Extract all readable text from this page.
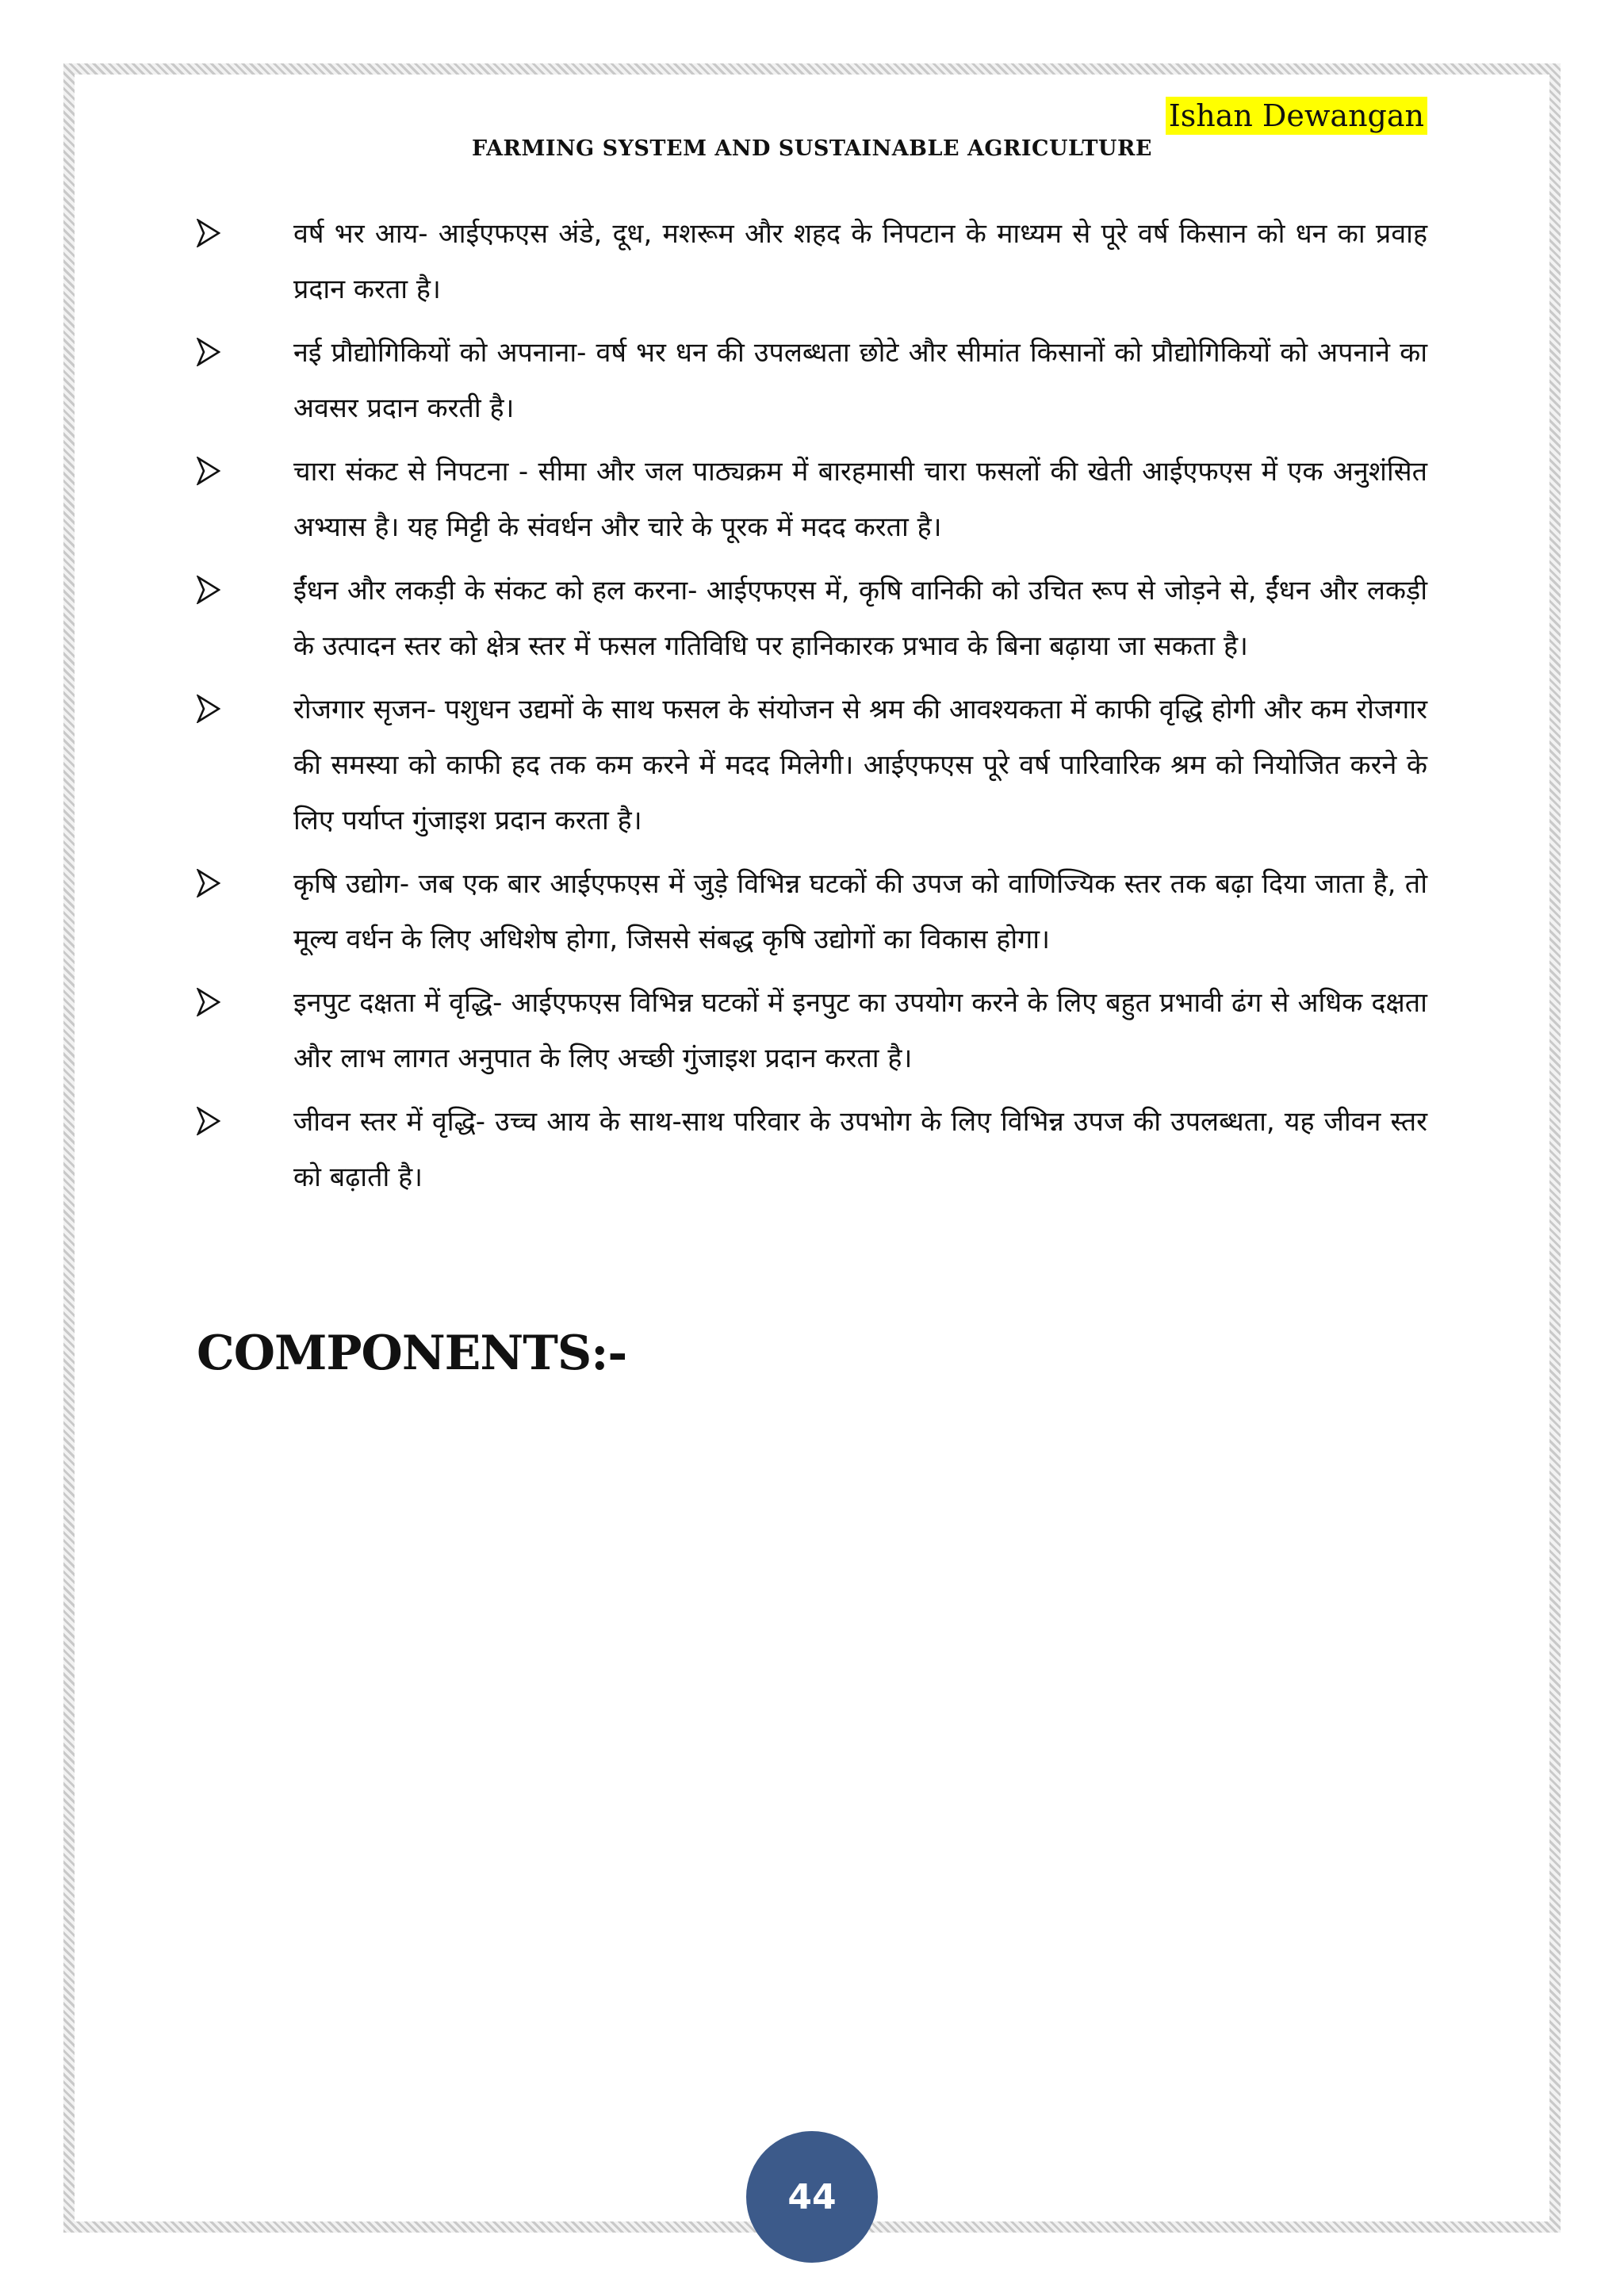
Ishan Dewangan
FARMING SYSTEM AND SUSTAINABLE AGRICULTURE
वर्ष भर आय- आईएफएस अंडे, दूध, मशरूम और शहद के निपटान के माध्यम से पूरे वर्ष किसान को धन का प्रवाह प्रदान करता है।
नई प्रौद्योगिकियों को अपनाना- वर्ष भर धन की उपलब्धता छोटे और सीमांत किसानों को प्रौद्योगिकियों को अपनाने का अवसर प्रदान करती है।
चारा संकट से निपटना - सीमा और जल पाठ्यक्रम में बारहमासी चारा फसलों की खेती आईएफएस में एक अनुशंसित अभ्यास है। यह मिट्टी के संवर्धन और चारे के पूरक में मदद करता है।
ईंधन और लकड़ी के संकट को हल करना- आईएफएस में, कृषि वानिकी को उचित रूप से जोड़ने से, ईंधन और लकड़ी के उत्पादन स्तर को क्षेत्र स्तर में फसल गतिविधि पर हानिकारक प्रभाव के बिना बढ़ाया जा सकता है।
रोजगार सृजन- पशुधन उद्यमों के साथ फसल के संयोजन से श्रम की आवश्यकता में काफी वृद्धि होगी और कम रोजगार की समस्या को काफी हद तक कम करने में मदद मिलेगी। आईएफएस पूरे वर्ष पारिवारिक श्रम को नियोजित करने के लिए पर्याप्त गुंजाइश प्रदान करता है।
कृषि उद्योग- जब एक बार आईएफएस में जुड़े विभिन्न घटकों की उपज को वाणिज्यिक स्तर तक बढ़ा दिया जाता है, तो मूल्य वर्धन के लिए अधिशेष होगा, जिससे संबद्ध कृषि उद्योगों का विकास होगा।
इनपुट दक्षता में वृद्धि- आईएफएस विभिन्न घटकों में इनपुट का उपयोग करने के लिए बहुत प्रभावी ढंग से अधिक दक्षता और लाभ लागत अनुपात के लिए अच्छी गुंजाइश प्रदान करता है।
जीवन स्तर में वृद्धि- उच्च आय के साथ-साथ परिवार के उपभोग के लिए विभिन्न उपज की उपलब्धता, यह जीवन स्तर को बढ़ाती है।
COMPONENTS:-
44
